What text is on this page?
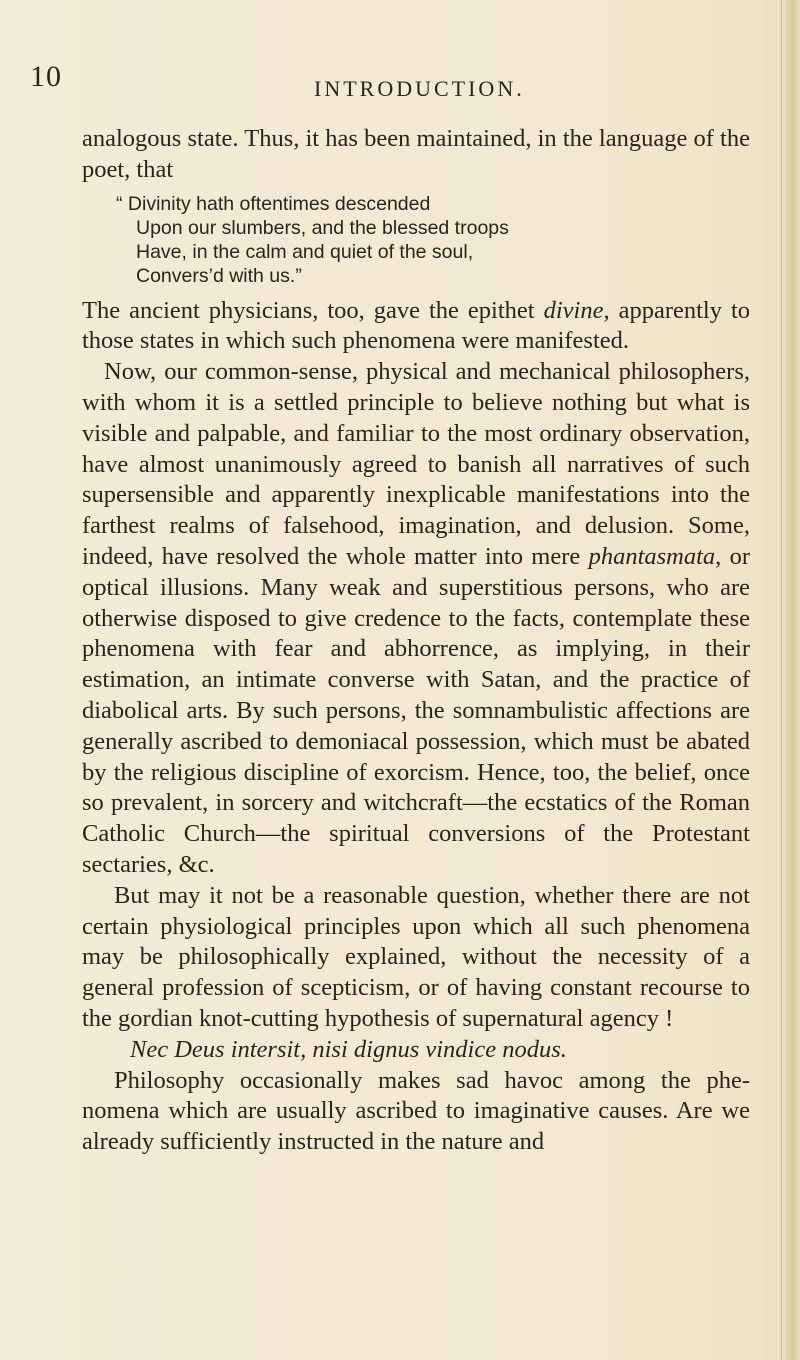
10	INTRODUCTION.

analogous state. Thus, it has been maintained, in the language of the poet, that

“ Divinity hath oftentimes descended
Upon our slumbers, and the blessed troops
Have, in the calm and quiet of the soul,
Convers’d with us.”

The ancient physicians, too, gave the epithet divine, apparently to those states in which such phenomena were manifested.

Now, our common-sense, physical and mechanical philosophers, with whom it is a settled principle to believe nothing but what is visible and palpable, and familiar to the most ordinary observation, have almost unanimously agreed to banish all narratives of such supersensible and apparently inexplicable manifestations into the farthest realms of falsehood, imagination, and delusion. Some, indeed, have resolved the whole matter into mere phantasmata, or optical illusions. Many weak and superstitious persons, who are otherwise disposed to give credence to the facts, contemplate these phenomena with fear and abhorrence, as implying, in their estimation, an intimate converse with Satan, and the practice of diabolical arts. By such persons, the somnambulistic affections are generally ascribed to demoniacal possession, which must be abated by the religious discipline of exorcism. Hence, too, the belief, once so prevalent, in sorcery and witchcraft—the ecstatics of the Roman Catholic Church—the spiritual conversions of the Protestant sectaries, &c.

But may it not be a reasonable question, whether there are not certain physiological principles upon which all such phenomena may be philosophically explained, without the necessity of a general profession of scepticism, or of having constant recourse to the gordian knot-cutting hypothesis of supernatural agency !

Nec Deus intersit, nisi dignus vindice nodus.

Philosophy occasionally makes sad havoc among the phenomena which are usually ascribed to imaginative causes. Are we already sufficiently instructed in the nature and
